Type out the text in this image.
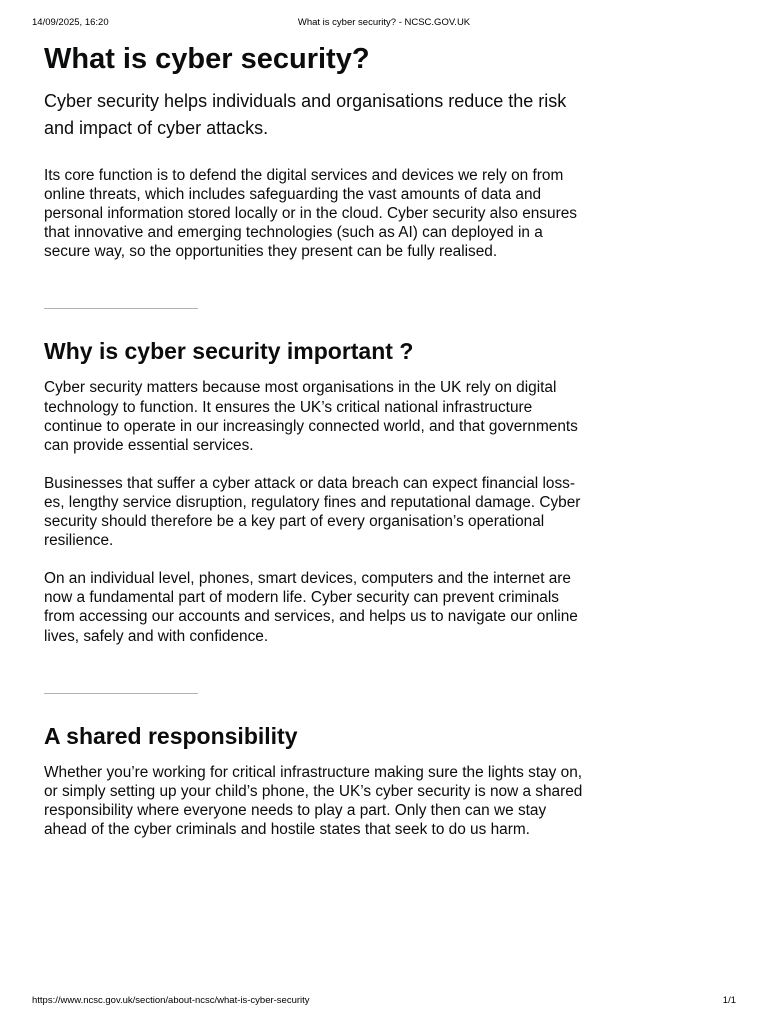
What is cyber security? - NCSC.GOV.UK
14/09/2025, 16:20
What is cyber security?

Cyber security helps individuals and organisations reduce the risk and impact of cyber attacks.

Its core function is to defend the digital services and devices we rely on from online threats, which includes safeguarding the vast amounts of data and personal information stored locally or in the cloud. Cyber security also ensures that innovative and emerging technologies (such as AI) can deployed in a secure way, so the opportunities they present can be fully realised.

Why is cyber security important ?

Cyber security matters because most organisations in the UK rely on digital technology to function. It ensures the UK’s critical national infrastructure continue to operate in our increasingly connected world, and that governments can provide essential services.

Businesses that suffer a cyber attack or data breach can expect financial loss-es, lengthy service disruption, regulatory fines and reputational damage. Cyber security should therefore be a key part of every organisation’s operational resilience.

On an individual level, phones, smart devices, computers and the internet are now a fundamental part of modern life. Cyber security can prevent criminals from accessing our accounts and services, and helps us to navigate our online lives, safely and with confidence.

A shared responsibility

Whether you’re working for critical infrastructure making sure the lights stay on, or simply setting up your child’s phone, the UK’s cyber security is now a shared responsibility where everyone needs to play a part. Only then can we stay ahead of the cyber criminals and hostile states that seek to do us harm.

https://www.ncsc.gov.uk/section/about-ncsc/what-is-cyber-security	1/1
